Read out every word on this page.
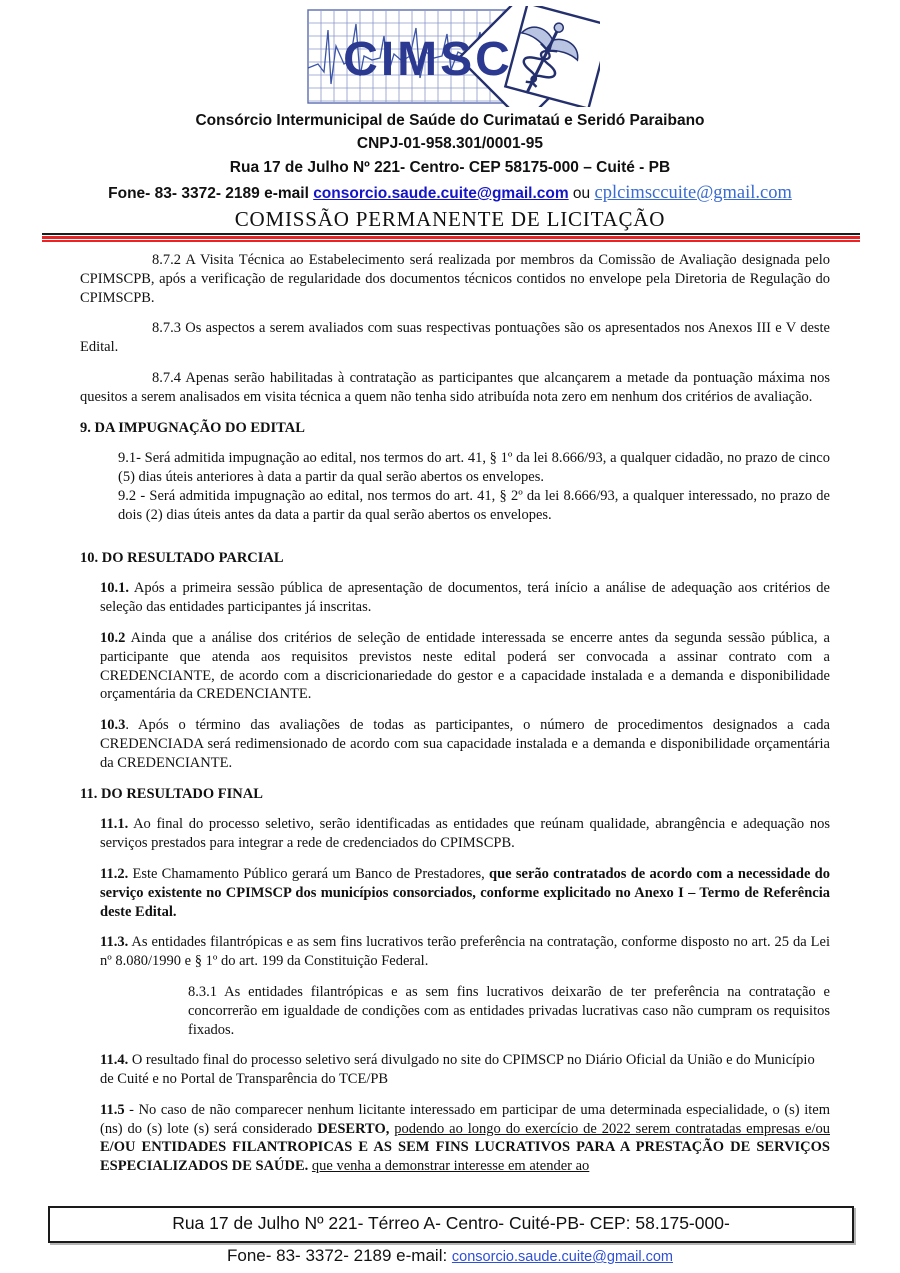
CIMSC
Consórcio Intermunicipal de Saúde do Curimataú e Seridó Paraibano
CNPJ-01-958.301/0001-95
Rua 17 de Julho Nº 221- Centro- CEP 58175-000 – Cuité - PB
Fone- 83- 3372- 2189 e-mail consorcio.saude.cuite@gmail.com ou cplcimsccuite@gmail.com
COMISSÃO PERMANENTE DE LICITAÇÃO
8.7.2 A Visita Técnica ao Estabelecimento será realizada por membros da Comissão de Avaliação designada pelo CPIMSCPB, após a verificação de regularidade dos documentos técnicos contidos no envelope pela Diretoria de Regulação do CPIMSCPB.
8.7.3 Os aspectos a serem avaliados com suas respectivas pontuações são os apresentados nos Anexos III e V deste Edital.
8.7.4 Apenas serão habilitadas à contratação as participantes que alcançarem a metade da pontuação máxima nos quesitos a serem analisados em visita técnica a quem não tenha sido atribuída nota zero em nenhum dos critérios de avaliação.
9. DA IMPUGNAÇÃO DO EDITAL
9.1- Será admitida impugnação ao edital, nos termos do art. 41, § 1º da lei 8.666/93, a qualquer cidadão, no prazo de cinco (5) dias úteis anteriores à data a partir da qual serão abertos os envelopes.
9.2 - Será admitida impugnação ao edital, nos termos do art. 41, § 2º da lei 8.666/93, a qualquer interessado, no prazo de dois (2) dias úteis antes da data a partir da qual serão abertos os envelopes.
10. DO RESULTADO PARCIAL
10.1. Após a primeira sessão pública de apresentação de documentos, terá início a análise de adequação aos critérios de seleção das entidades participantes já inscritas.
10.2 Ainda que a análise dos critérios de seleção de entidade interessada se encerre antes da segunda sessão pública, a participante que atenda aos requisitos previstos neste edital poderá ser convocada a assinar contrato com a CREDENCIANTE, de acordo com a discricionariedade do gestor e a capacidade instalada e a demanda e disponibilidade orçamentária da CREDENCIANTE.
10.3. Após o término das avaliações de todas as participantes, o número de procedimentos designados a cada CREDENCIADA será redimensionado de acordo com sua capacidade instalada e a demanda e disponibilidade orçamentária da CREDENCIANTE.
11. DO RESULTADO FINAL
11.1. Ao final do processo seletivo, serão identificadas as entidades que reúnam qualidade, abrangência e adequação nos serviços prestados para integrar a rede de credenciados do CPIMSCPB.
11.2. Este Chamamento Público gerará um Banco de Prestadores, que serão contratados de acordo com a necessidade do serviço existente no CPIMSCP dos municípios consorciados, conforme explicitado no Anexo I – Termo de Referência deste Edital.
11.3. As entidades filantrópicas e as sem fins lucrativos terão preferência na contratação, conforme disposto no art. 25 da Lei nº 8.080/1990 e § 1º do art. 199 da Constituição Federal.
8.3.1 As entidades filantrópicas e as sem fins lucrativos deixarão de ter preferência na contratação e concorrerão em igualdade de condições com as entidades privadas lucrativas caso não cumpram os requisitos fixados.
11.4. O resultado final do processo seletivo será divulgado no site do CPIMSCP no Diário Oficial da União e do Município de Cuité e no Portal de Transparência do TCE/PB
11.5 - No caso de não comparecer nenhum licitante interessado em participar de uma determinada especialidade, o (s) item (ns) do (s) lote (s) será considerado DESERTO, podendo ao longo do exercício de 2022 serem contratadas empresas e/ou E/OU ENTIDADES FILANTROPICAS E AS SEM FINS LUCRATIVOS PARA A PRESTAÇÃO DE SERVIÇOS ESPECIALIZADOS DE SAÚDE. que venha a demonstrar interesse em atender ao
Rua 17 de Julho Nº 221- Térreo A- Centro- Cuité-PB- CEP: 58.175-000-
Fone- 83- 3372- 2189 e-mail: consorcio.saude.cuite@gmail.com
